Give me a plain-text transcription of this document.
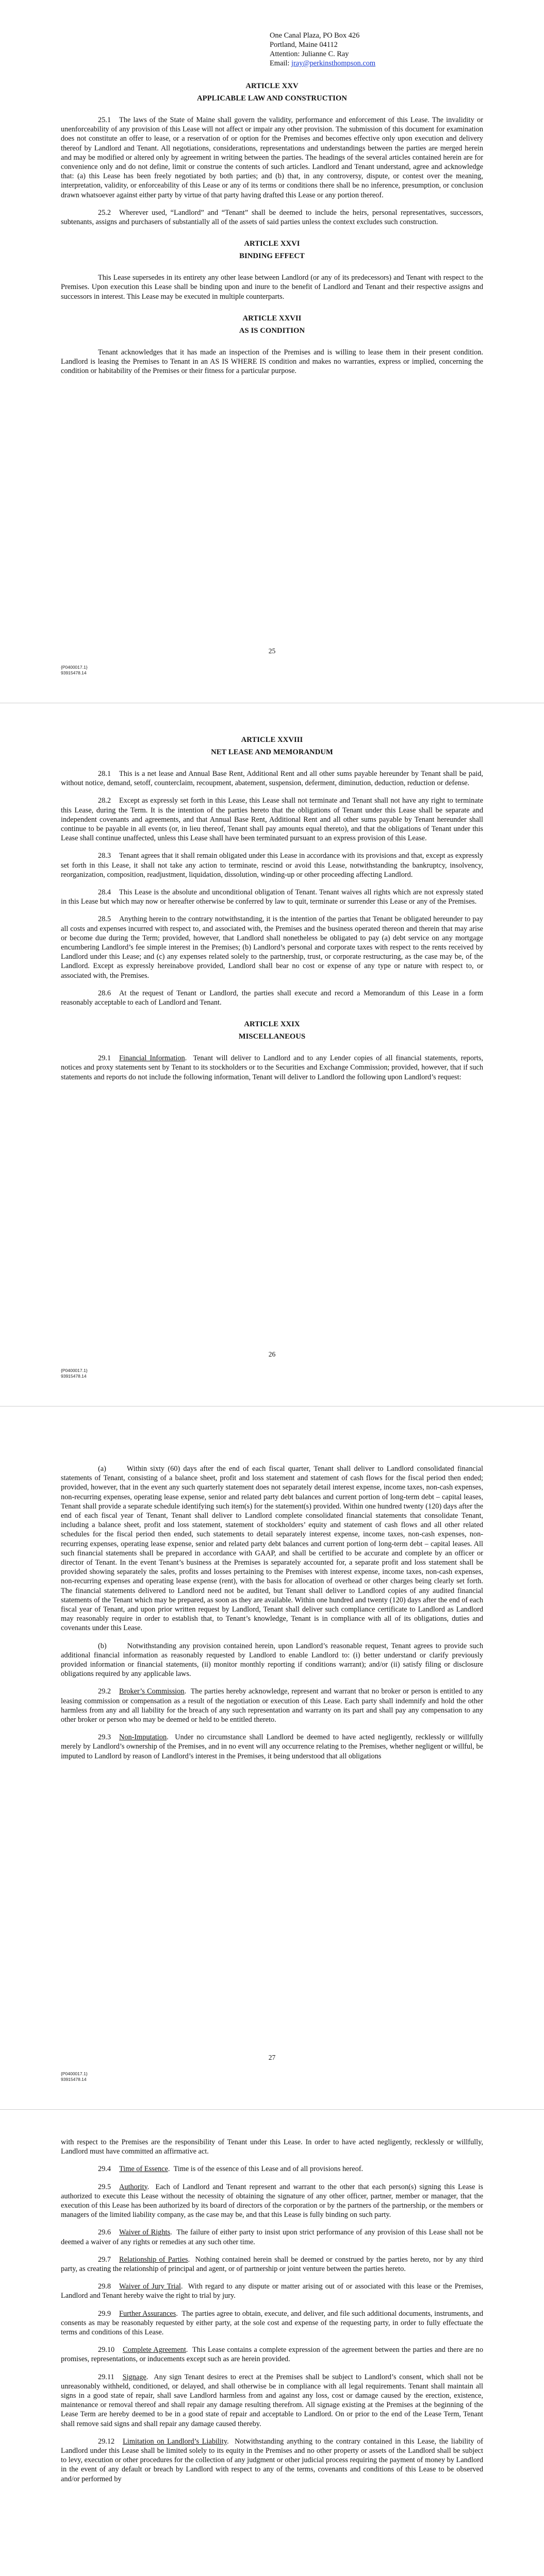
One Canal Plaza, PO Box 426
Portland, Maine 04112
Attention: Julianne C. Ray
Email: jray@perkinsthompson.com
ARTICLE XXV
APPLICABLE LAW AND CONSTRUCTION

25.1 The laws of the State of Maine shall govern the validity, performance and enforcement of this Lease. The invalidity or unenforceability of any provision of this Lease will not affect or impair any other provision. The submission of this document for examination does not constitute an offer to lease, or a reservation of or option for the Premises and becomes effective only upon execution and delivery thereof by Landlord and Tenant. All negotiations, considerations, representations and understandings between the parties are merged herein and may be modified or altered only by agreement in writing between the parties. The headings of the several articles contained herein are for convenience only and do not define, limit or construe the contents of such articles. Landlord and Tenant understand, agree and acknowledge that: (a) this Lease has been freely negotiated by both parties; and (b) that, in any controversy, dispute, or contest over the meaning, interpretation, validity, or enforceability of this Lease or any of its terms or conditions there shall be no inference, presumption, or conclusion drawn whatsoever against either party by virtue of that party having drafted this Lease or any portion thereof.

25.2 Wherever used, “Landlord” and “Tenant” shall be deemed to include the heirs, personal representatives, successors, subtenants, assigns and purchasers of substantially all of the assets of said parties unless the context excludes such construction.

ARTICLE XXVI
BINDING EFFECT

This Lease supersedes in its entirety any other lease between Landlord (or any of its predecessors) and Tenant with respect to the Premises. Upon execution this Lease shall be binding upon and inure to the benefit of Landlord and Tenant and their respective assigns and successors in interest. This Lease may be executed in multiple counterparts.

ARTICLE XXVII
AS IS CONDITION

Tenant acknowledges that it has made an inspection of the Premises and is willing to lease them in their present condition. Landlord is leasing the Premises to Tenant in an AS IS WHERE IS condition and makes no warranties, express or implied, concerning the condition or habitability of the Premises or their fitness for a particular purpose.

25
{P0400017.1}
93915478.14
ARTICLE XXVIII
NET LEASE AND MEMORANDUM

28.1 This is a net lease and Annual Base Rent, Additional Rent and all other sums payable hereunder by Tenant shall be paid, without notice, demand, setoff, counterclaim, recoupment, abatement, suspension, deferment, diminution, deduction, reduction or defense.

28.2 Except as expressly set forth in this Lease, this Lease shall not terminate and Tenant shall not have any right to terminate this Lease, during the Term. It is the intention of the parties hereto that the obligations of Tenant under this Lease shall be separate and independent covenants and agreements, and that Annual Base Rent, Additional Rent and all other sums payable by Tenant hereunder shall continue to be payable in all events (or, in lieu thereof, Tenant shall pay amounts equal thereto), and that the obligations of Tenant under this Lease shall continue unaffected, unless this Lease shall have been terminated pursuant to an express provision of this Lease.

28.3 Tenant agrees that it shall remain obligated under this Lease in accordance with its provisions and that, except as expressly set forth in this Lease, it shall not take any action to terminate, rescind or avoid this Lease, notwithstanding the bankruptcy, insolvency, reorganization, composition, readjustment, liquidation, dissolution, winding-up or other proceeding affecting Landlord.

28.4 This Lease is the absolute and unconditional obligation of Tenant. Tenant waives all rights which are not expressly stated in this Lease but which may now or hereafter otherwise be conferred by law to quit, terminate or surrender this Lease or any of the Premises.

28.5 Anything herein to the contrary notwithstanding, it is the intention of the parties that Tenant be obligated hereunder to pay all costs and expenses incurred with respect to, and associated with, the Premises and the business operated thereon and therein that may arise or become due during the Term; provided, however, that Landlord shall nonetheless be obligated to pay (a) debt service on any mortgage encumbering Landlord’s fee simple interest in the Premises; (b) Landlord’s personal and corporate taxes with respect to the rents received by Landlord under this Lease; and (c) any expenses related solely to the partnership, trust, or corporate restructuring, as the case may be, of the Landlord. Except as expressly hereinabove provided, Landlord shall bear no cost or expense of any type or nature with respect to, or associated with, the Premises.

28.6 At the request of Tenant or Landlord, the parties shall execute and record a Memorandum of this Lease in a form reasonably acceptable to each of Landlord and Tenant.

ARTICLE XXIX
MISCELLANEOUS

29.1 Financial Information.  Tenant will deliver to Landlord and to any Lender copies of all financial statements, reports, notices and proxy statements sent by Tenant to its stockholders or to the Securities and Exchange Commission; provided, however, that if such statements and reports do not include the following information, Tenant will deliver to Landlord the following upon Landlord’s request:

26
{P0400017.1}
93915478.14

(a)	Within sixty (60) days after the end of each fiscal quarter, Tenant shall deliver to Landlord consolidated financial statements of Tenant, consisting of a balance sheet, profit and loss statement and statement of cash flows for the fiscal period then ended; provided, however, that in the event any such quarterly statement does not separately detail interest expense, income taxes, non-cash expenses, non-recurring expenses, operating lease expense, senior and related party debt balances and current portion of long-term debt – capital leases, Tenant shall provide a separate schedule identifying such item(s) for the statement(s) provided. Within one hundred twenty (120) days after the end of each fiscal year of Tenant, Tenant shall deliver to Landlord complete consolidated financial statements that consolidate Tenant, including a balance sheet, profit and loss statement, statement of stockholders’ equity and statement of cash flows and all other related schedules for the fiscal period then ended, such statements to detail separately interest expense, income taxes, non-cash expenses, non-recurring expenses, operating lease expense, senior and related party debt balances and current portion of long-term debt – capital leases. All such financial statements shall be prepared in accordance with GAAP, and shall be certified to be accurate and complete by an officer or director of Tenant. In the event Tenant’s business at the Premises is separately accounted for, a separate profit and loss statement shall be provided showing separately the sales, profits and losses pertaining to the Premises with interest expense, income taxes, non-cash expenses, non-recurring expenses and operating lease expense (rent), with the basis for allocation of overhead or other charges being clearly set forth. The financial statements delivered to Landlord need not be audited, but Tenant shall deliver to Landlord copies of any audited financial statements of the Tenant which may be prepared, as soon as they are available. Within one hundred and twenty (120) days after the end of each fiscal year of Tenant, and upon prior written request by Landlord, Tenant shall deliver such compliance certificate to Landlord as Landlord may reasonably require in order to establish that, to Tenant’s knowledge, Tenant is in compliance with all of its obligations, duties and covenants under this Lease.

(b)	Notwithstanding any provision contained herein, upon Landlord’s reasonable request, Tenant agrees to provide such additional financial information as reasonably requested by Landlord to enable Landlord to: (i) better understand or clarify previously provided information or financial statements, (ii) monitor monthly reporting if conditions warrant); and/or (ii) satisfy filing or disclosure obligations required by any applicable laws.

29.2 Broker’s Commission.  The parties hereby acknowledge, represent and warrant that no broker or person is entitled to any leasing commission or compensation as a result of the negotiation or execution of this Lease. Each party shall indemnify and hold the other harmless from any and all liability for the breach of any such representation and warranty on its part and shall pay any compensation to any other broker or person who may be deemed or held to be entitled thereto.

29.3 Non-Imputation.  Under no circumstance shall Landlord be deemed to have acted negligently, recklessly or willfully merely by Landlord’s ownership of the Premises, and in no event will any occurrence relating to the Premises, whether negligent or willful, be imputed to Landlord by reason of Landlord’s interest in the Premises, it being understood that all obligations

27
{P0400017.1}
93915478.14

with respect to the Premises are the responsibility of Tenant under this Lease. In order to have acted negligently, recklessly or willfully, Landlord must have committed an affirmative act.

29.4 Time of Essence.  Time is of the essence of this Lease and of all provisions hereof.

29.5 Authority.  Each of Landlord and Tenant represent and warrant to the other that each person(s) signing this Lease is authorized to execute this Lease without the necessity of obtaining the signature of any other officer, partner, member or manager, that the execution of this Lease has been authorized by its board of directors of the corporation or by the partners of the partnership, or the members or managers of the limited liability company, as the case may be, and that this Lease is fully binding on such party.

29.6 Waiver of Rights.  The failure of either party to insist upon strict performance of any provision of this Lease shall not be deemed a waiver of any rights or remedies at any such other time.

29.7 Relationship of Parties.  Nothing contained herein shall be deemed or construed by the parties hereto, nor by any third party, as creating the relationship of principal and agent, or of partnership or joint venture between the parties hereto.

29.8 Waiver of Jury Trial.  With regard to any dispute or matter arising out of or associated with this lease or the Premises, Landlord and Tenant hereby waive the right to trial by jury.

29.9 Further Assurances.  The parties agree to obtain, execute, and deliver, and file such additional documents, instruments, and consents as may be reasonably requested by either party, at the sole cost and expense of the requesting party, in order to fully effectuate the terms and conditions of this Lease.

29.10 Complete Agreement.  This Lease contains a complete expression of the agreement between the parties and there are no promises, representations, or inducements except such as are herein provided.

29.11 Signage.  Any sign Tenant desires to erect at the Premises shall be subject to Landlord’s consent, which shall not be unreasonably withheld, conditioned, or delayed, and shall otherwise be in compliance with all legal requirements. Tenant shall maintain all signs in a good state of repair, shall save Landlord harmless from and against any loss, cost or damage caused by the erection, existence, maintenance or removal thereof and shall repair any damage resulting therefrom. All signage existing at the Premises at the beginning of the Lease Term are hereby deemed to be in a good state of repair and acceptable to Landlord. On or prior to the end of the Lease Term, Tenant shall remove said signs and shall repair any damage caused thereby.

29.12 Limitation on Landlord’s Liability.  Notwithstanding anything to the contrary contained in this Lease, the liability of Landlord under this Lease shall be limited solely to its equity in the Premises and no other property or assets of the Landlord shall be subject to levy, execution or other procedures for the collection of any judgment or other judicial process requiring the payment of money by Landlord in the event of any default or breach by Landlord with respect to any of the terms, covenants and conditions of this Lease to be observed and/or performed by
